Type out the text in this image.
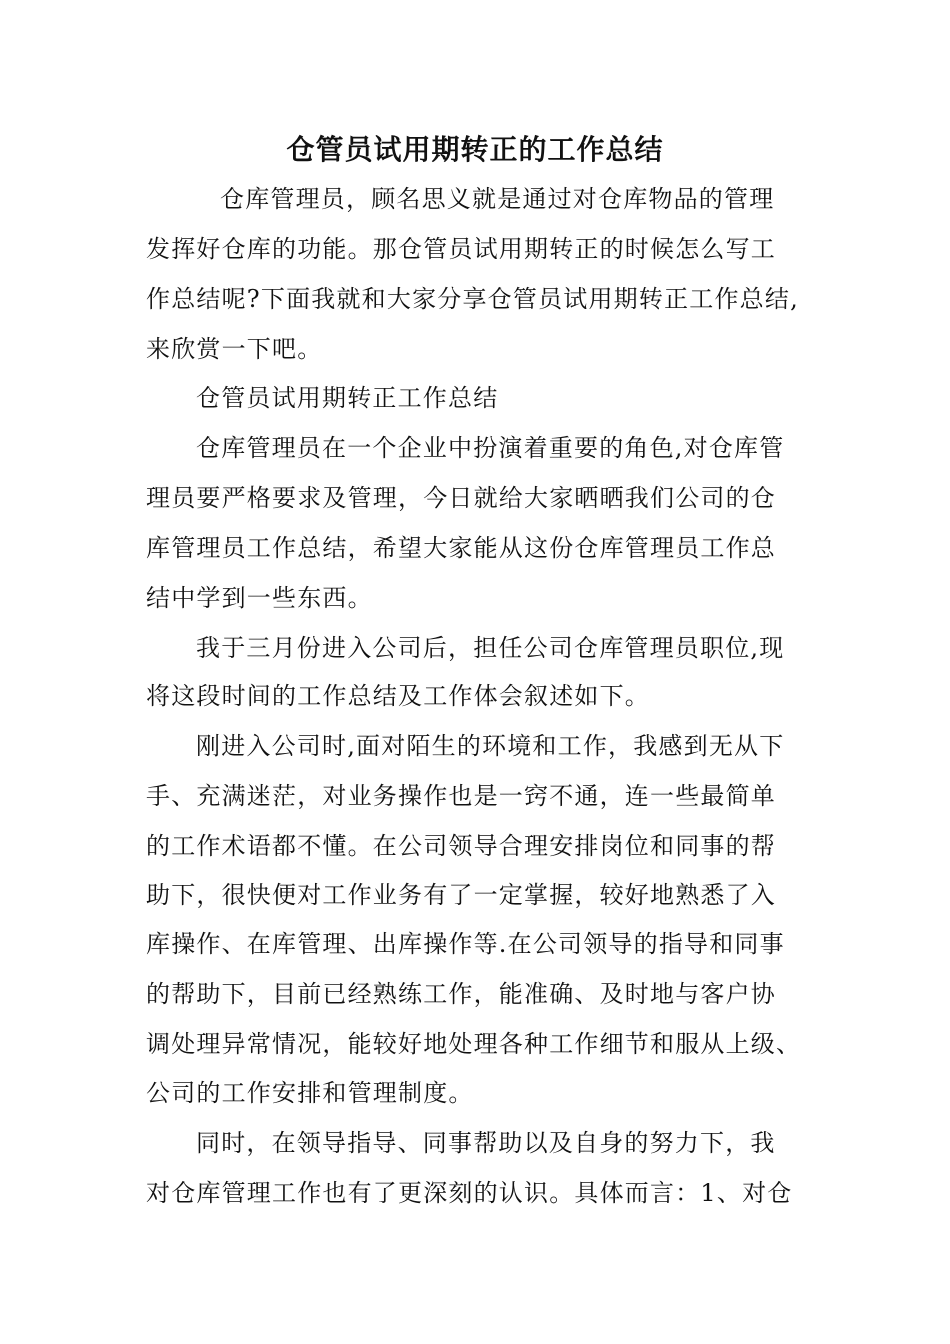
仓管员试用期转正的工作总结
仓库管理员，顾名思义就是通过对仓库物品的管理
发挥好仓库的功能。那仓管员试用期转正的时候怎么写工
作总结呢?下面我就和大家分享仓管员试用期转正工作总结,
来欣赏一下吧。
仓管员试用期转正工作总结
仓库管理员在一个企业中扮演着重要的角色,对仓库管
理员要严格要求及管理，今日就给大家晒晒我们公司的仓
库管理员工作总结，希望大家能从这份仓库管理员工作总
结中学到一些东西。
我于三月份进入公司后，担任公司仓库管理员职位,现
将这段时间的工作总结及工作体会叙述如下。
刚进入公司时,面对陌生的环境和工作，我感到无从下
手、充满迷茫，对业务操作也是一窍不通，连一些最简单
的工作术语都不懂。在公司领导合理安排岗位和同事的帮
助下，很快便对工作业务有了一定掌握，较好地熟悉了入
库操作、在库管理、出库操作等.在公司领导的指导和同事
的帮助下，目前已经熟练工作，能准确、及时地与客户协
调处理异常情况，能较好地处理各种工作细节和服从上级、
公司的工作安排和管理制度。
同时，在领导指导、同事帮助以及自身的努力下，我
对仓库管理工作也有了更深刻的认识。具体而言：1、对仓
